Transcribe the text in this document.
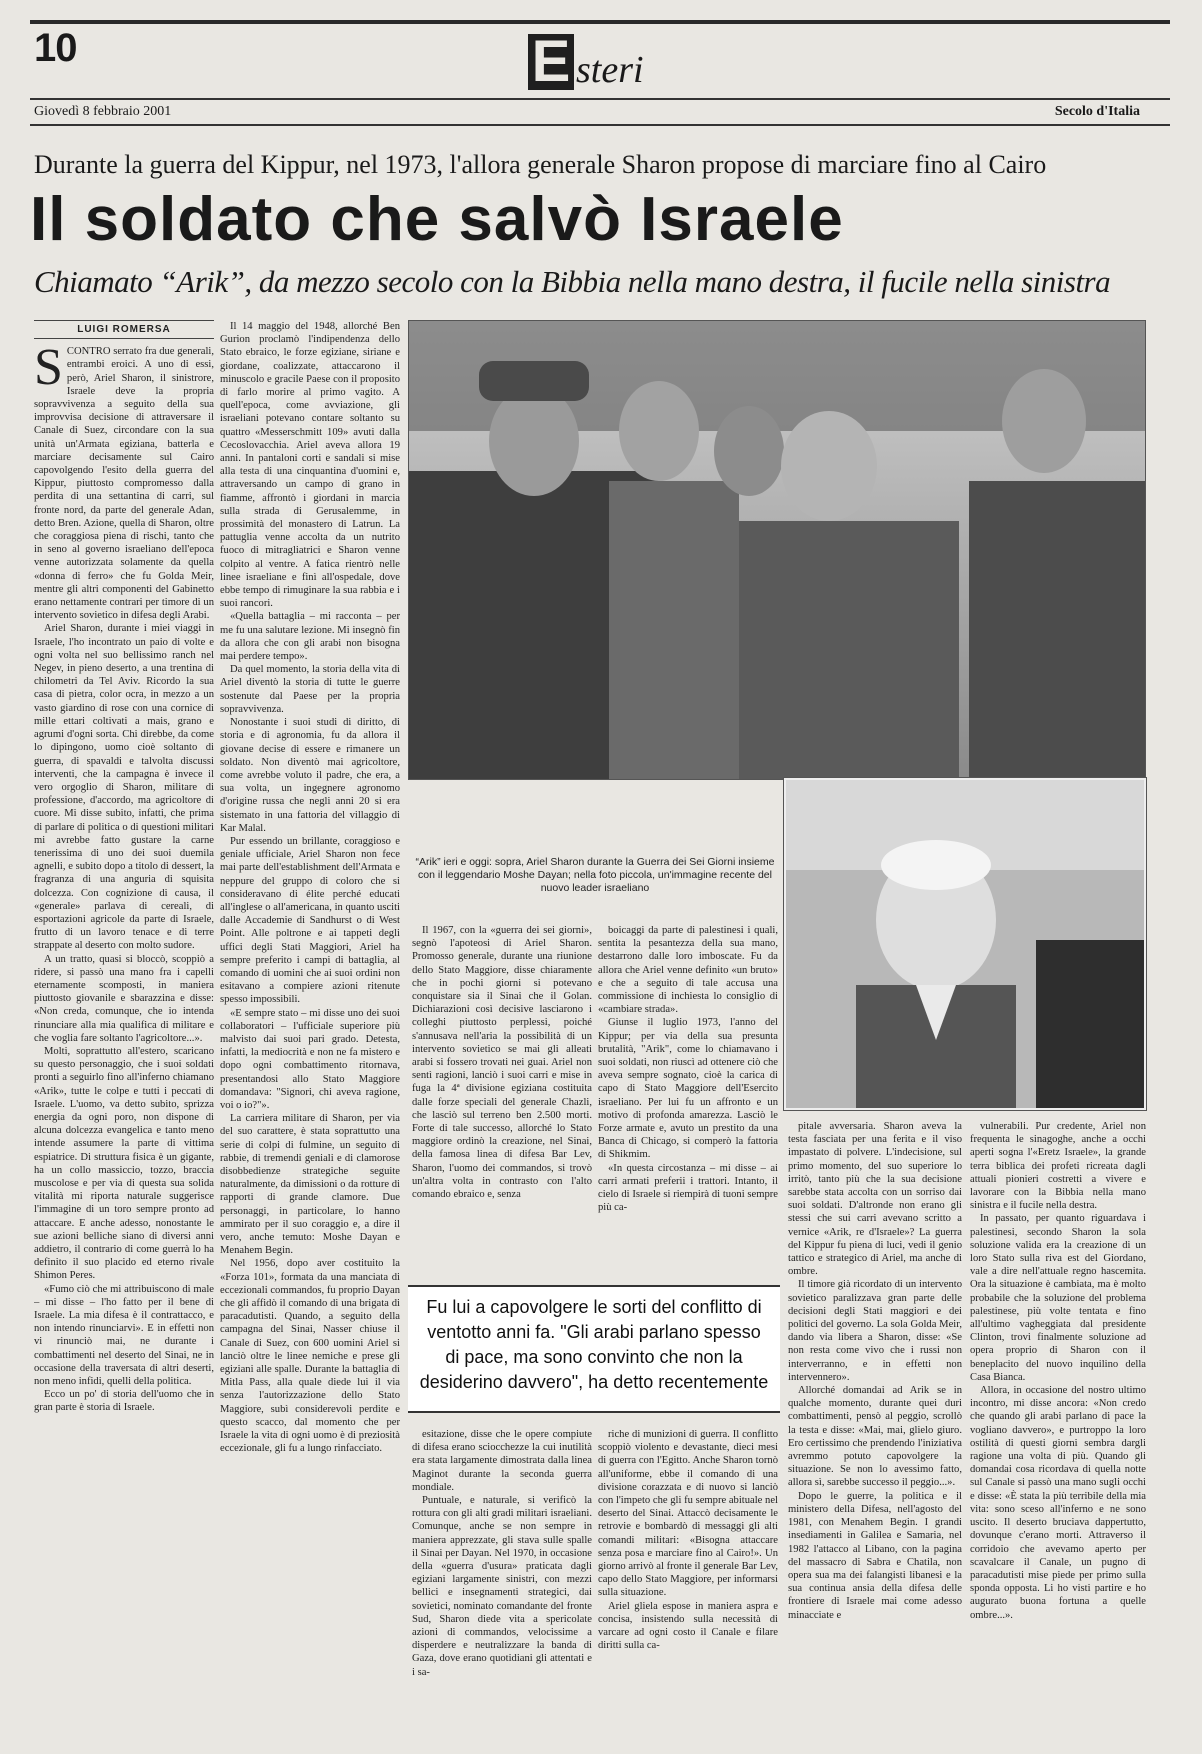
10	E steri
Giovedì 8 febbraio 2001	Secolo d'Italia
Durante la guerra del Kippur, nel 1973, l'allora generale Sharon propose di marciare fino al Cairo
Il soldato che salvò Israele
Chiamato “Arik”, da mezzo secolo con la Bibbia nella mano destra, il fucile nella sinistra
LUIGI ROMERSA

SCONTRO serrato fra due generali, entrambi eroici. A uno di essi, però, Ariel Sharon, il sinistrore, Israele deve la propria sopravvivenza a seguito della sua improvvisa decisione di attraversare il Canale di Suez, circondare con la sua unità un'Armata egiziana, batterla e marciare decisamente sul Cairo capovolgendo l'esito della guerra del Kippur, piuttosto compromesso dalla perdita di una settantina di carri, sul fronte nord, da parte del generale Adan, detto Bren. Azione, quella di Sharon, oltre che coraggiosa piena di rischi, tanto che in seno al governo israeliano dell'epoca venne autorizzata solamente da quella «donna di ferro» che fu Golda Meir, mentre gli altri componenti del Gabinetto erano nettamente contrari per timore di un intervento sovietico in difesa degli Arabi.

Ariel Sharon, durante i miei viaggi in Israele, l'ho incontrato un paio di volte e ogni volta nel suo bellissimo ranch nel Negev, in pieno deserto, a una trentina di chilometri da Tel Aviv. Ricordo la sua casa di pietra, color ocra, in mezzo a un vasto giardino di rose con una cornice di mille ettari coltivati a mais, grano e agrumi d'ogni sorta. Chi direbbe, da come lo dipingono, uomo cioè soltanto di guerra, di spavaldi e talvolta discussi interventi, che la campagna è invece il vero orgoglio di Sharon, militare di professione, d'accordo, ma agricoltore di cuore. Mi disse subito, infatti, che prima di parlare di politica o di questioni militari mi avrebbe fatto gustare la carne tenerissima di uno dei suoi duemila agnelli, e subito dopo a titolo di dessert, la fragranza di una anguria di squisita dolcezza. Con cognizione di causa, il «generale» parlava di cereali, di esportazioni agricole da parte di Israele, frutto di un lavoro tenace e di terre strappate al deserto con molto sudore.

A un tratto, quasi si bloccò, scoppiò a ridere, si passò una mano fra i capelli eternamente scomposti, in maniera piuttosto giovanile e sbarazzina e disse: «Non creda, comunque, che io intenda rinunciare alla mia qualifica di militare e che voglia fare soltanto l'agricoltore...».

Molti, soprattutto all'estero, scaricano su questo personaggio, che i suoi soldati pronti a seguirlo fino all'inferno chiamano «Arik», tutte le colpe e tutti i peccati di Israele. L'uomo, va detto subito, sprizza energia da ogni poro, non dispone di alcuna dolcezza evangelica e tanto meno intende assumere la parte di vittima espiatrice. Di struttura fisica è un gigante, ha un collo massiccio, tozzo, braccia muscolose e per via di questa sua solida vitalità mi riporta naturale suggerisce l'immagine di un toro sempre pronto ad attaccare. E anche adesso, nonostante le sue azioni belliche siano di diversi anni addietro, il contrario di come guerrà lo ha definito il suo placido ed eterno rivale Shimon Peres.

«Fumo ciò che mi attribuiscono di male – mi disse – l'ho fatto per il bene di Israele. La mia difesa è il contrattacco, e non intendo rinunciarvi». E in effetti non vi rinunciò mai, ne durante i combattimenti nel deserto del Sinai, ne in occasione della traversata di altri deserti, non meno infidi, quelli della politica.

Ecco un po' di storia dell'uomo che in gran parte è storia di Israele.

Il 14 maggio del 1948, allorché Ben Gurion proclamò l'indipendenza dello Stato ebraico, le forze egiziane, siriane e giordane, coalizzate, attaccarono il minuscolo e gracile Paese con il proposito di farlo morire al primo vagito. A quell'epoca, come avviazione, gli israeliani potevano contare soltanto su quattro «Messerschmitt 109» avuti dalla Cecoslovacchia. Ariel aveva allora 19 anni. In pantaloni corti e sandali si mise alla testa di una cinquantina d'uomini e, attraversando un campo di grano in fiamme, affrontò i giordani in marcia sulla strada di Gerusalemme, in prossimità del monastero di Latrun. La pattuglia venne accolta da un nutrito fuoco di mitragliatrici e Sharon venne colpito al ventre. A fatica rientrò nelle linee israeliane e finì all'ospedale, dove ebbe tempo di rimuginare la sua rabbia e i suoi rancori.

«Quella battaglia – mi racconta – per me fu una salutare lezione. Mi insegnò fin da allora che con gli arabi non bisogna mai perdere tempo».

Da quel momento, la storia della vita di Ariel diventò la storia di tutte le guerre sostenute dal Paese per la propria sopravvivenza.

Nonostante i suoi studi di diritto, di storia e di agronomia, fu da allora il giovane decise di essere e rimanere un soldato. Non diventò mai agricoltore, come avrebbe voluto il padre, che era, a sua volta, un ingegnere agronomo d'origine russa che negli anni 20 si era sistemato in una fattoria del villaggio di Kar Malal.

Pur essendo un brillante, coraggioso e geniale ufficiale, Ariel Sharon non fece mai parte dell'establishment dell'Armata e neppure del gruppo di coloro che si consideravano di élite perché educati all'inglese o all'americana, in quanto usciti dalle Accademie di Sandhurst o di West Point. Alle poltrone e ai tappeti degli uffici degli Stati Maggiori, Ariel ha sempre preferito i campi di battaglia, al comando di uomini che ai suoi ordini non esitavano a compiere azioni ritenute spesso impossibili.

«E sempre stato – mi disse uno dei suoi collaboratori – l'ufficiale superiore più malvisto dai suoi pari grado. Detesta, infatti, la mediocrità e non ne fa mistero e dopo ogni combattimento ritornava, presentandosi allo Stato Maggiore domandava: "Signori, chi aveva ragione, voi o io?"».

La carriera militare di Sharon, per via del suo carattere, è stata soprattutto una serie di colpi di fulmine, un seguito di rabbie, di tremendi geniali e di clamorose disobbedienze strategiche seguite naturalmente, da dimissioni o da rotture di rapporti di grande clamore. Due personaggi, in particolare, lo hanno ammirato per il suo coraggio e, a dire il vero, anche temuto: Moshe Dayan e Menahem Begin.

Nel 1956, dopo aver costituito la «Forza 101», formata da una manciata di eccezionali commandos, fu proprio Dayan che gli affidò il comando di una brigata di paracadutisti. Quando, a seguito della campagna del Sinai, Nasser chiuse il Canale di Suez, con 600 uomini Ariel si lanciò oltre le linee nemiche e prese gli egiziani alle spalle. Durante la battaglia di Mitla Pass, alla quale diede lui il via senza l'autorizzazione dello Stato Maggiore, subì considerevoli perdite e questo scacco, dal momento che per Israele la vita di ogni uomo è di preziosità eccezionale, gli fu a lungo rinfacciato.

“Arik” ieri e oggi: sopra, Ariel Sharon durante la Guerra dei Sei Giorni insieme con il leggendario Moshe Dayan; nella foto piccola, un'immagine recente del nuovo leader israeliano

Il 1967, con la «guerra dei sei giorni», segnò l'apoteosi di Ariel Sharon. Promosso generale, durante una riunione dello Stato Maggiore, disse chiaramente che in pochi giorni si potevano conquistare sia il Sinai che il Golan. Dichiarazioni così decisive lasciarono i colleghi piuttosto perplessi, poiché s'annusava nell'aria la possibilità di un intervento sovietico se mai gli alleati arabi si fossero trovati nei guai. Ariel non sentì ragioni, lanciò i suoi carri e mise in fuga la 4ª divisione egiziana costituita dalle forze speciali del generale Chazli, che lasciò sul terreno ben 2.500 morti. Forte di tale successo, allorché lo Stato maggiore ordinò la creazione, nel Sinai, della famosa linea di difesa Bar Lev, Sharon, l'uomo dei commandos, si trovò un'altra volta in contrasto con l'alto comando ebraico e, senza

boicaggi da parte di palestinesi i quali, sentita la pesantezza della sua mano, destarrono dalle loro imboscate. Fu da allora che Ariel venne definito «un bruto» e che a seguito di tale accusa una commissione di inchiesta lo consiglio di «cambiare strada».

Giunse il luglio 1973, l'anno del Kippur; per via della sua presunta brutalità, "Arik", come lo chiamavano i suoi soldati, non riuscì ad ottenere ciò che aveva sempre sognato, cioè la carica di capo di Stato Maggiore dell'Esercito israeliano. Per lui fu un affronto e un motivo di profonda amarezza. Lasciò le Forze armate e, avuto un prestito da una Banca di Chicago, si comperò la fattoria di Shikmim.

«In questa circostanza – mi disse – ai carri armati preferii i trattori. Intanto, il cielo di Israele si riempirà di tuoni sempre più ca-

Fu lui a capovolgere le sorti del conflitto di ventotto anni fa. "Gli arabi parlano spesso di pace, ma sono convinto che non la desiderino davvero", ha detto recentemente

esitazione, disse che le opere compiute di difesa erano sciocchezze la cui inutilità era stata largamente dimostrata dalla linea Maginot durante la seconda guerra mondiale.

Puntuale, e naturale, si verificò la rottura con gli alti gradi militari israeliani. Comunque, anche se non sempre in maniera apprezzate, gli stava sulle spalle il Sinai per Dayan. Nel 1970, in occasione della «guerra d'usura» praticata dagli egiziani largamente sinistri, con mezzi bellici e insegnamenti strategici, dai sovietici, nominato comandante del fronte Sud, Sharon diede vita a spericolate azioni di commandos, velocissime a disperdere e neutralizzare la banda di Gaza, dove erano quotidiani gli attentati e i sa-

riche di munizioni di guerra. Il conflitto scoppiò violento e devastante, dieci mesi di guerra con l'Egitto. Anche Sharon tornò all'uniforme, ebbe il comando di una divisione corazzata e di nuovo si lanciò con l'impeto che gli fu sempre abituale nel deserto del Sinai. Attaccò decisamente le retrovie e bombardò di messaggi gli alti comandi militari: «Bisogna attaccare senza posa e marciare fino al Cairo!». Un giorno arrivò al fronte il generale Bar Lev, capo dello Stato Maggiore, per informarsi sulla situazione.

Ariel gliela espose in maniera aspra e concisa, insistendo sulla necessità di varcare ad ogni costo il Canale e filare diritti sulla ca-

pitale avversaria. Sharon aveva la testa fasciata per una ferita e il viso impastato di polvere. L'indecisione, sul primo momento, del suo superiore lo irritò, tanto più che la sua decisione sarebbe stata accolta con un sorriso dai suoi soldati. D'altronde non erano gli stessi che sui carri avevano scritto a vernice «Arik, re d'Israele»? La guerra del Kippur fu piena di luci, vedi il genio tattico e strategico di Ariel, ma anche di ombre.

Il timore già ricordato di un intervento sovietico paralizzava gran parte delle decisioni degli Stati maggiori e dei politici del governo. La sola Golda Meir, dando via libera a Sharon, disse: «Se non resta come vivo che i russi non interverranno, e in effetti non intervennero».

Allorché domandai ad Arik se in qualche momento, durante quei duri combattimenti, pensò al peggio, scrollò la testa e disse: «Mai, mai, glielo giuro. Ero certissimo che prendendo l'iniziativa avremmo potuto capovolgere la situazione. Se non lo avessimo fatto, allora sì, sarebbe successo il peggio...».

Dopo le guerre, la politica e il ministero della Difesa, nell'agosto del 1981, con Menahem Begin. I grandi insediamenti in Galilea e Samaria, nel 1982 l'attacco al Libano, con la pagina del massacro di Sabra e Chatila, non opera sua ma dei falangisti libanesi e la sua continua ansia della difesa delle frontiere di Israele mai come adesso minacciate e

vulnerabili. Pur credente, Ariel non frequenta le sinagoghe, anche a occhi aperti sogna l'«Eretz Israele», la grande terra biblica dei profeti ricreata dagli attuali pionieri costretti a vivere e lavorare con la Bibbia nella mano sinistra e il fucile nella destra.

In passato, per quanto riguardava i palestinesi, secondo Sharon la sola soluzione valida era la creazione di un loro Stato sulla riva est del Giordano, vale a dire nell'attuale regno hascemita. Ora la situazione è cambiata, ma è molto probabile che la soluzione del problema palestinese, più volte tentata e fino all'ultimo vagheggiata dal presidente Clinton, trovi finalmente soluzione ad opera proprio di Sharon con il beneplacito del nuovo inquilino della Casa Bianca.

Allora, in occasione del nostro ultimo incontro, mi disse ancora: «Non credo che quando gli arabi parlano di pace la vogliano davvero», e purtroppo la loro ostilità di questi giorni sembra dargli ragione una volta di più. Quando gli domandai cosa ricordava di quella notte sul Canale si passò una mano sugli occhi e disse: «È stata la più terribile della mia vita: sono sceso all'inferno e ne sono uscito. Il deserto bruciava dappertutto, dovunque c'erano morti. Attraverso il corridoio che avevamo aperto per scavalcare il Canale, un pugno di paracadutisti mise piede per primo sulla sponda opposta. Li ho visti partire e ho augurato buona fortuna a quelle ombre...».
